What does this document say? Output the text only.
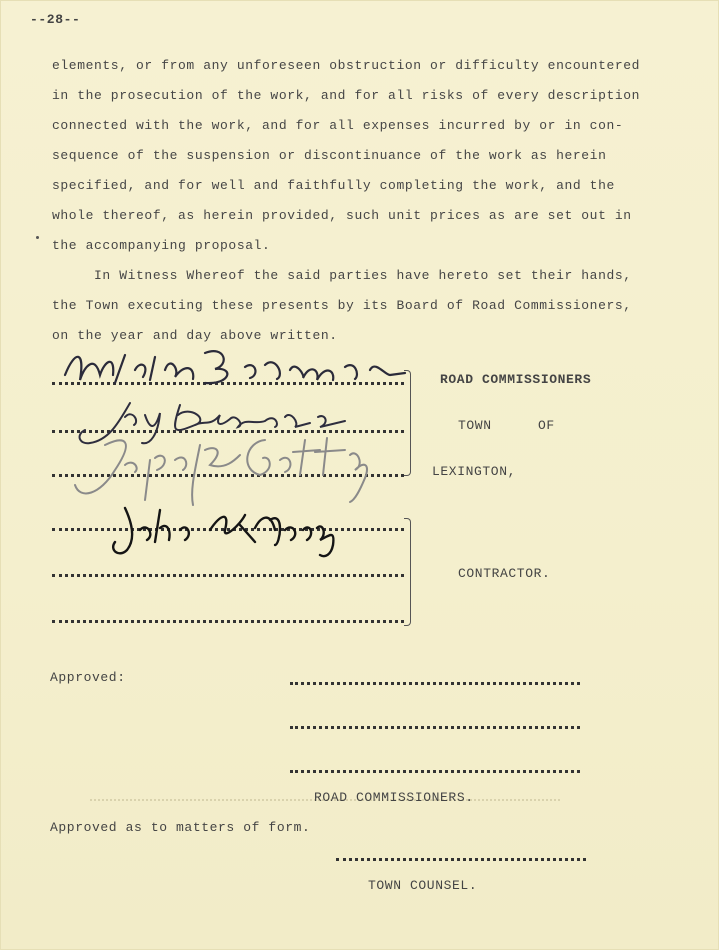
--28--
elements, or from any unforeseen obstruction or difficulty encountered
in the prosecution of the work, and for all risks of every description
connected with the work, and for all expenses incurred by or in con-
sequence of the suspension or discontinuance of the work as herein
specified, and for well and faithfully completing the work, and the
whole thereof, as herein provided, such unit prices as are set out in
the accompanying proposal.
In Witness Whereof the said parties have hereto set their hands,
the Town executing these presents by its Board of Road Commissioners,
on the year and day above written.
ROAD COMMISSIONERS
TOWN	OF
LEXINGTON,
CONTRACTOR.
Approved:
ROAD COMMISSIONERS.
Approved as to matters of form.
TOWN COUNSEL.
